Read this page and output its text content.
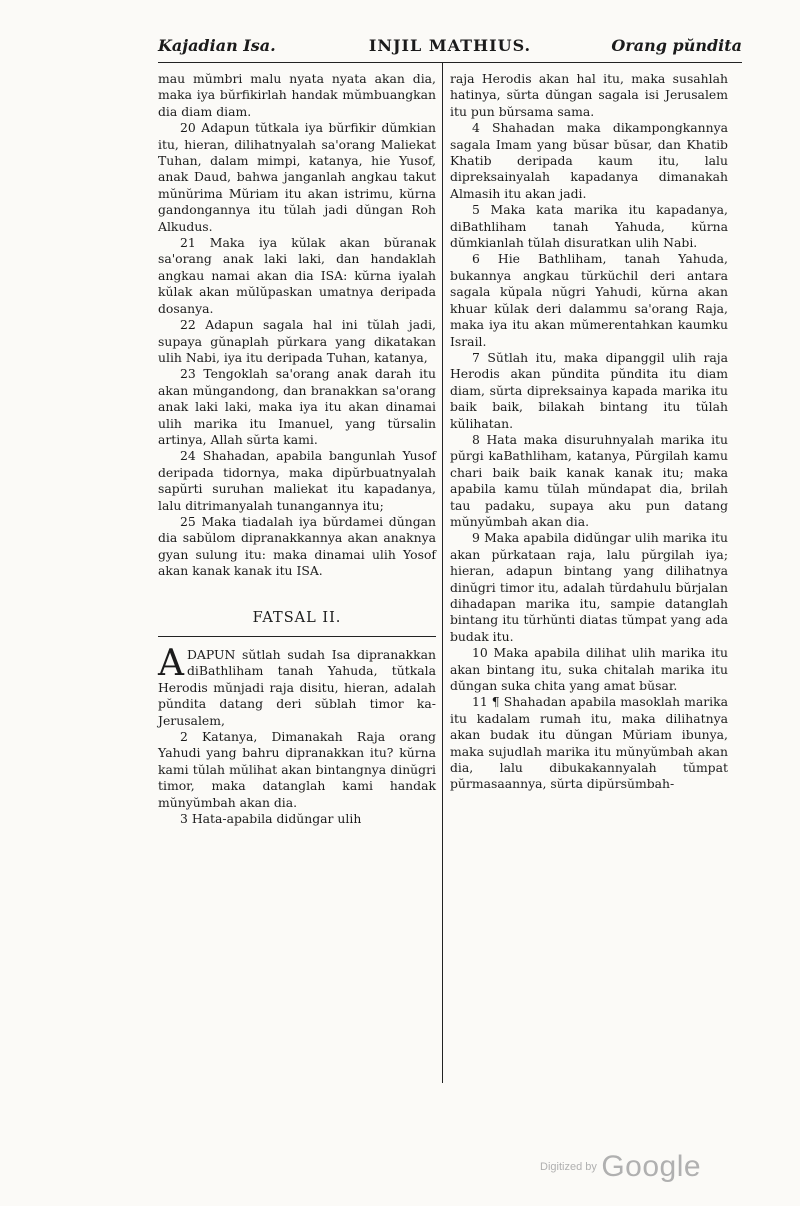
Kajadian Isa.	INJIL MATHIUS.	Orang pŭndita

mau mŭmbri malu nyata nyata akan dia, maka iya bŭrfikirlah handak mŭmbuangkan dia diam diam.

20 Adapun tŭtkala iya bŭrfikir dŭmkian itu, hieran, dilihatnyalah sa'orang Maliekat Tuhan, dalam mimpi, katanya, hie Yusof, anak Daud, bahwa janganlah angkau takut mŭnŭrima Mŭriam itu akan istrimu, kŭrna gandongannya itu tŭlah jadi dŭngan Roh Alkudus.

21 Maka iya kŭlak akan bŭranak sa'orang anak laki laki, dan handaklah angkau namai akan dia ISA: kŭrna iyalah kŭlak akan mŭlŭpaskan umatnya deripada dosanya.

22 Adapun sagala hal ini tŭlah jadi, supaya gŭnaplah pŭrkara yang dikatakan ulih Nabi, iya itu deripada Tuhan, katanya,

23 Tengoklah sa'orang anak darah itu akan mŭngandong, dan branakkan sa'orang anak laki laki, maka iya itu akan dinamai ulih marika itu Imanuel, yang tŭrsalin artinya, Allah sŭrta kami.

24 Shahadan, apabila bangunlah Yusof deripada tidornya, maka dipŭrbuatnyalah sapŭrti suruhan maliekat itu kapadanya, lalu ditrimanyalah tunangannya itu;

25 Maka tiadalah iya bŭrdamei dŭngan dia sabŭlom dipranakkannya akan anaknya gyan sulung itu: maka dinamai ulih Yosof akan kanak kanak itu ISA.

FATSAL II.

ADAPUN sŭtlah sudah Isa dipranakkan diBathliham tanah Yahuda, tŭtkala Herodis mŭnjadi raja disitu, hieran, adalah pŭndita datang deri sŭblah timor ka-Jerusalem,

2 Katanya, Dimanakah Raja orang Yahudi yang bahru dipranakkan itu? kŭrna kami tŭlah mŭlihat akan bintangnya dinŭgri timor, maka datanglah kami handak mŭnyŭmbah akan dia.

3 Hata-apabila didŭngar ulih

raja Herodis akan hal itu, maka susahlah hatinya, sŭrta dŭngan sagala isi Jerusalem itu pun bŭrsama sama.

4 Shahadan maka dikampongkannya sagala Imam yang bŭsar bŭsar, dan Khatib Khatib deripada kaum itu, lalu dipreksainyalah kapadanya dimanakah Almasih itu akan jadi.

5 Maka kata marika itu kapadanya, diBathliham tanah Yahuda, kŭrna dŭmkianlah tŭlah disuratkan ulih Nabi.

6 Hie Bathliham, tanah Yahuda, bukannya angkau tŭrkŭchil deri antara sagala kŭpala nŭgri Yahudi, kŭrna akan khuar kŭlak deri dalammu sa'orang Raja, maka iya itu akan mŭmerentahkan kaumku Israil.

7 Sŭtlah itu, maka dipanggil ulih raja Herodis akan pŭndita pŭndita itu diam diam, sŭrta dipreksainya kapada marika itu baik baik, bilakah bintang itu tŭlah kŭlihatan.

8 Hata maka disuruhnyalah marika itu pŭrgi kaBathliham, katanya, Pŭrgilah kamu chari baik baik kanak kanak itu; maka apabila kamu tŭlah mŭndapat dia, brilah tau padaku, supaya aku pun datang mŭnyŭmbah akan dia.

9 Maka apabila didŭngar ulih marika itu akan pŭrkataan raja, lalu pŭrgilah iya; hieran, adapun bintang yang dilihatnya dinŭgri timor itu, adalah tŭrdahulu bŭrjalan dihadapan marika itu, sampie datanglah bintang itu tŭrhŭnti diatas tŭmpat yang ada budak itu.

10 Maka apabila dilihat ulih marika itu akan bintang itu, suka chitalah marika itu dŭngan suka chita yang amat bŭsar.

11 ¶ Shahadan apabila masoklah marika itu kadalam rumah itu, maka dilihatnya akan budak itu dŭngan Mŭriam ibunya, maka sujudlah marika itu mŭnyŭmbah akan dia, lalu dibukakannyalah tŭmpat pŭrmasaannya, sŭrta dipŭrsŭmbah-

Digitized by Google
